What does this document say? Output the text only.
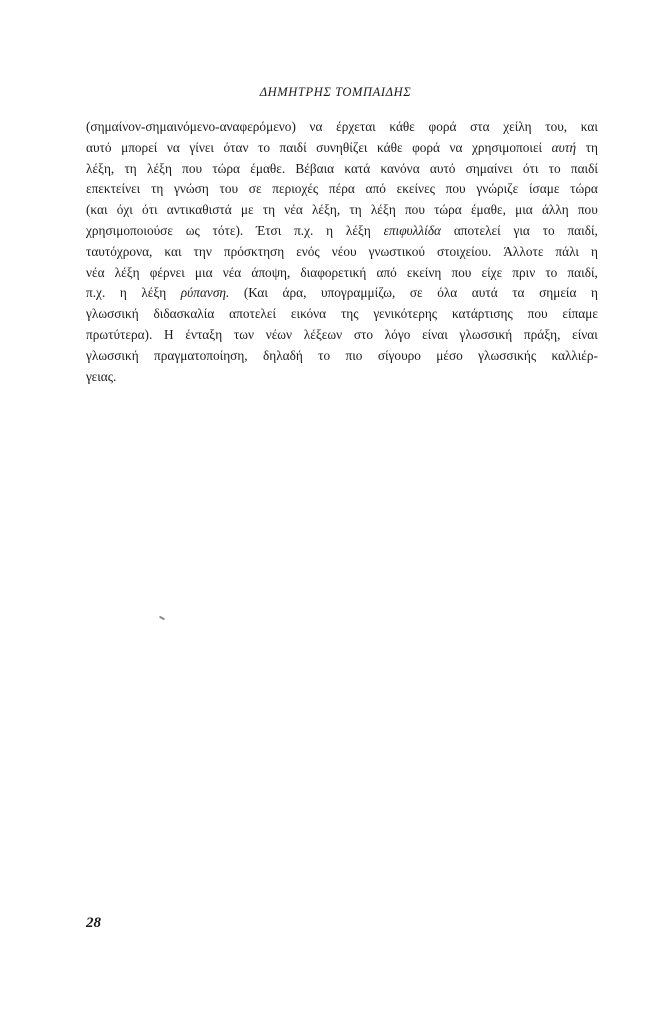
ΔΗΜΗΤΡΗΣ ΤΟΜΠΑΙΔΗΣ
(σημαίνον-σημαινόμενο-αναφερόμενο) να έρχεται κάθε φορά στα χείλη του, και
αυτό μπορεί να γίνει όταν το παιδί συνηθίζει κάθε φορά να χρησιμοποιεί αυτή τη
λέξη, τη λέξη που τώρα έμαθε. Βέβαια κατά κανόνα αυτό σημαίνει ότι το παιδί
επεκτείνει τη γνώση του σε περιοχές πέρα από εκείνες που γνώριζε ίσαμε τώρα
(και όχι ότι αντικαθιστά με τη νέα λέξη, τη λέξη που τώρα έμαθε, μια άλλη που
χρησιμοποιούσε ως τότε). Έτσι π.χ. η λέξη επιφυλλίδα αποτελεί για το παιδί,
ταυτόχρονα, και την πρόσκτηση ενός νέου γνωστικού στοιχείου. Άλλοτε πάλι η
νέα λέξη φέρνει μια νέα άποψη, διαφορετική από εκείνη που είχε πριν το παιδί,
π.χ. η λέξη ρύπανση. (Και άρα, υπογραμμίζω, σε όλα αυτά τα σημεία η
γλωσσική διδασκαλία αποτελεί εικόνα της γενικότερης κατάρτισης που είπαμε
πρωτύτερα). Η ένταξη των νέων λέξεων στο λόγο είναι γλωσσική πράξη, είναι
γλωσσική πραγματοποίηση, δηλαδή το πιο σίγουρο μέσο γλωσσικής καλλιέρ-
γειας.
28
